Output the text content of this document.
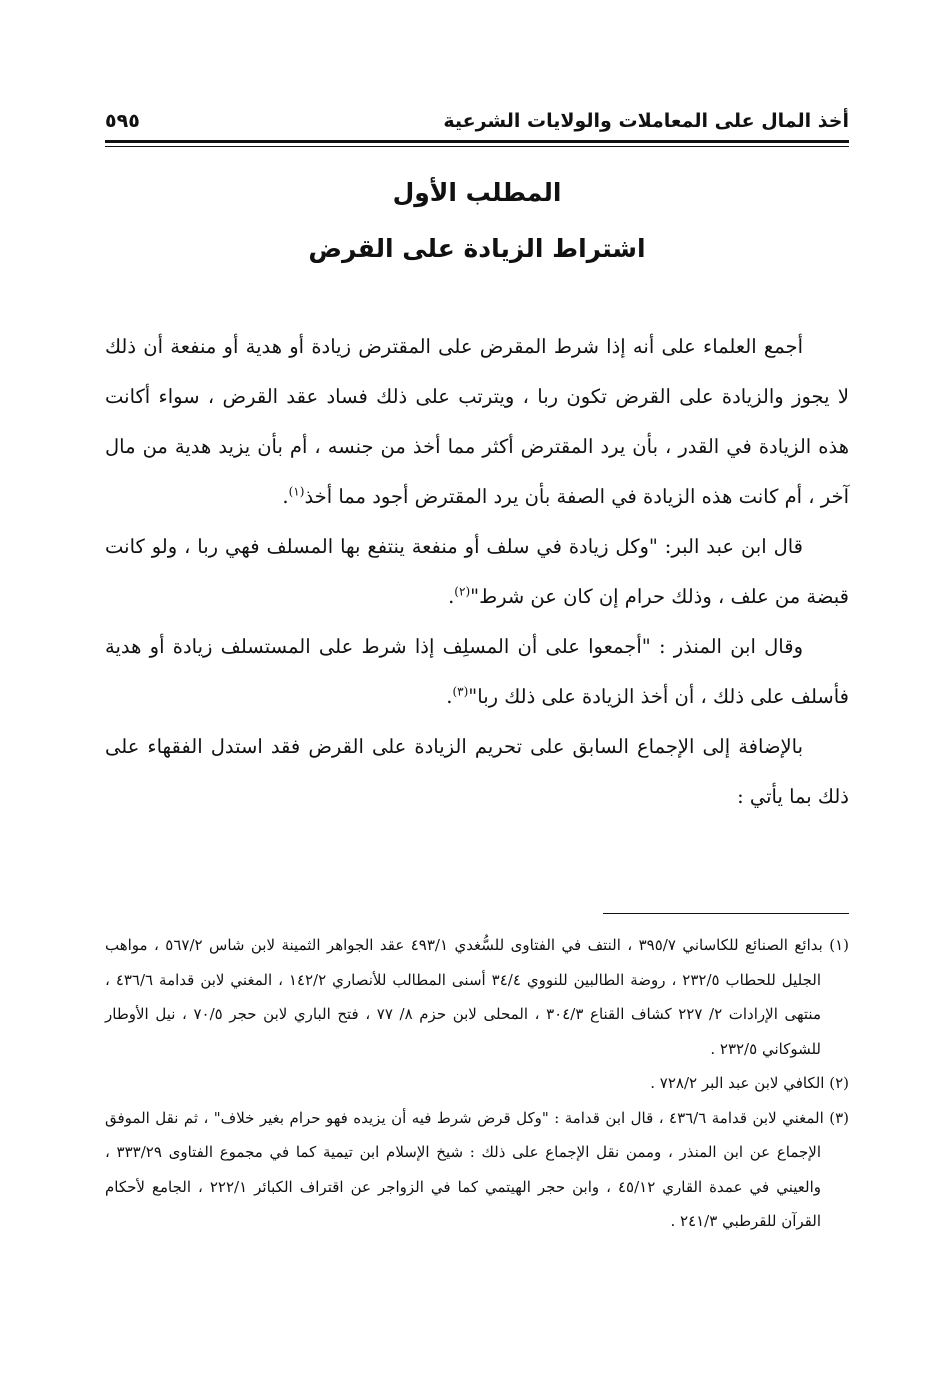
أخذ المال على المعاملات والولايات الشرعية
٥٩٥
المطلب الأول
اشتراط الزيادة على القرض

أجمع العلماء على أنه إذا شرط المقرض على المقترض زيادة أو هدية أو منفعة أن ذلك لا يجوز والزيادة على القرض تكون ربا ، ويترتب على ذلك فساد عقد القرض ، سواء أكانت هذه الزيادة في القدر ، بأن يرد المقترض أكثر مما أخذ من جنسه ، أم بأن يزيد هدية من مال آخر ، أم كانت هذه الزيادة في الصفة بأن يرد المقترض أجود مما أخذ$^{(١)}$.

قال ابن عبد البر: "وكل زيادة في سلف أو منفعة ينتفع بها المسلف فهي ربا ، ولو كانت قبضة من علف ، وذلك حرام إن كان عن شرط"$^{(٢)}$.

وقال ابن المنذر : "أجمعوا على أن المسلِف إذا شرط على المستسلف زيادة أو هدية فأسلف على ذلك ، أن أخذ الزيادة على ذلك ربا"$^{(٣)}$.

بالإضافة إلى الإجماع السابق على تحريم الزيادة على القرض فقد استدل الفقهاء على ذلك بما يأتي :

(١) بدائع الصنائع للكاساني ٣٩٥/٧ ، النتف في الفتاوى للسُّغدي ٤٩٣/١ عقد الجواهر الثمينة لابن شاس ٥٦٧/٢ ، مواهب الجليل للحطاب ٢٣٢/٥ ، روضة الطالبين للنووي ٣٤/٤ أسنى المطالب للأنصاري ١٤٢/٢ ، المغني لابن قدامة ٤٣٦/٦ ، منتهى الإرادات ٢/ ٢٢٧ كشاف القناع ٣٠٤/٣ ، المحلى لابن حزم ٨/ ٧٧ ، فتح الباري لابن حجر ٧٠/٥ ، نيل الأوطار للشوكاني ٢٣٢/٥ .

(٢) الكافي لابن عبد البر ٧٢٨/٢ .

(٣) المغني لابن قدامة ٤٣٦/٦ ، قال ابن قدامة : "وكل قرض شرط فيه أن يزيده فهو حرام بغير خلاف" ، ثم نقل الموفق الإجماع عن ابن المنذر ، وممن نقل الإجماع على ذلك : شيخ الإسلام ابن تيمية كما في مجموع الفتاوى ٣٣٣/٢٩ ، والعيني في عمدة القاري ٤٥/١٢ ، وابن حجر الهيتمي كما في الزواجر عن اقتراف الكبائر ٢٢٢/١ ، الجامع لأحكام القرآن للقرطبي ٢٤١/٣ .
